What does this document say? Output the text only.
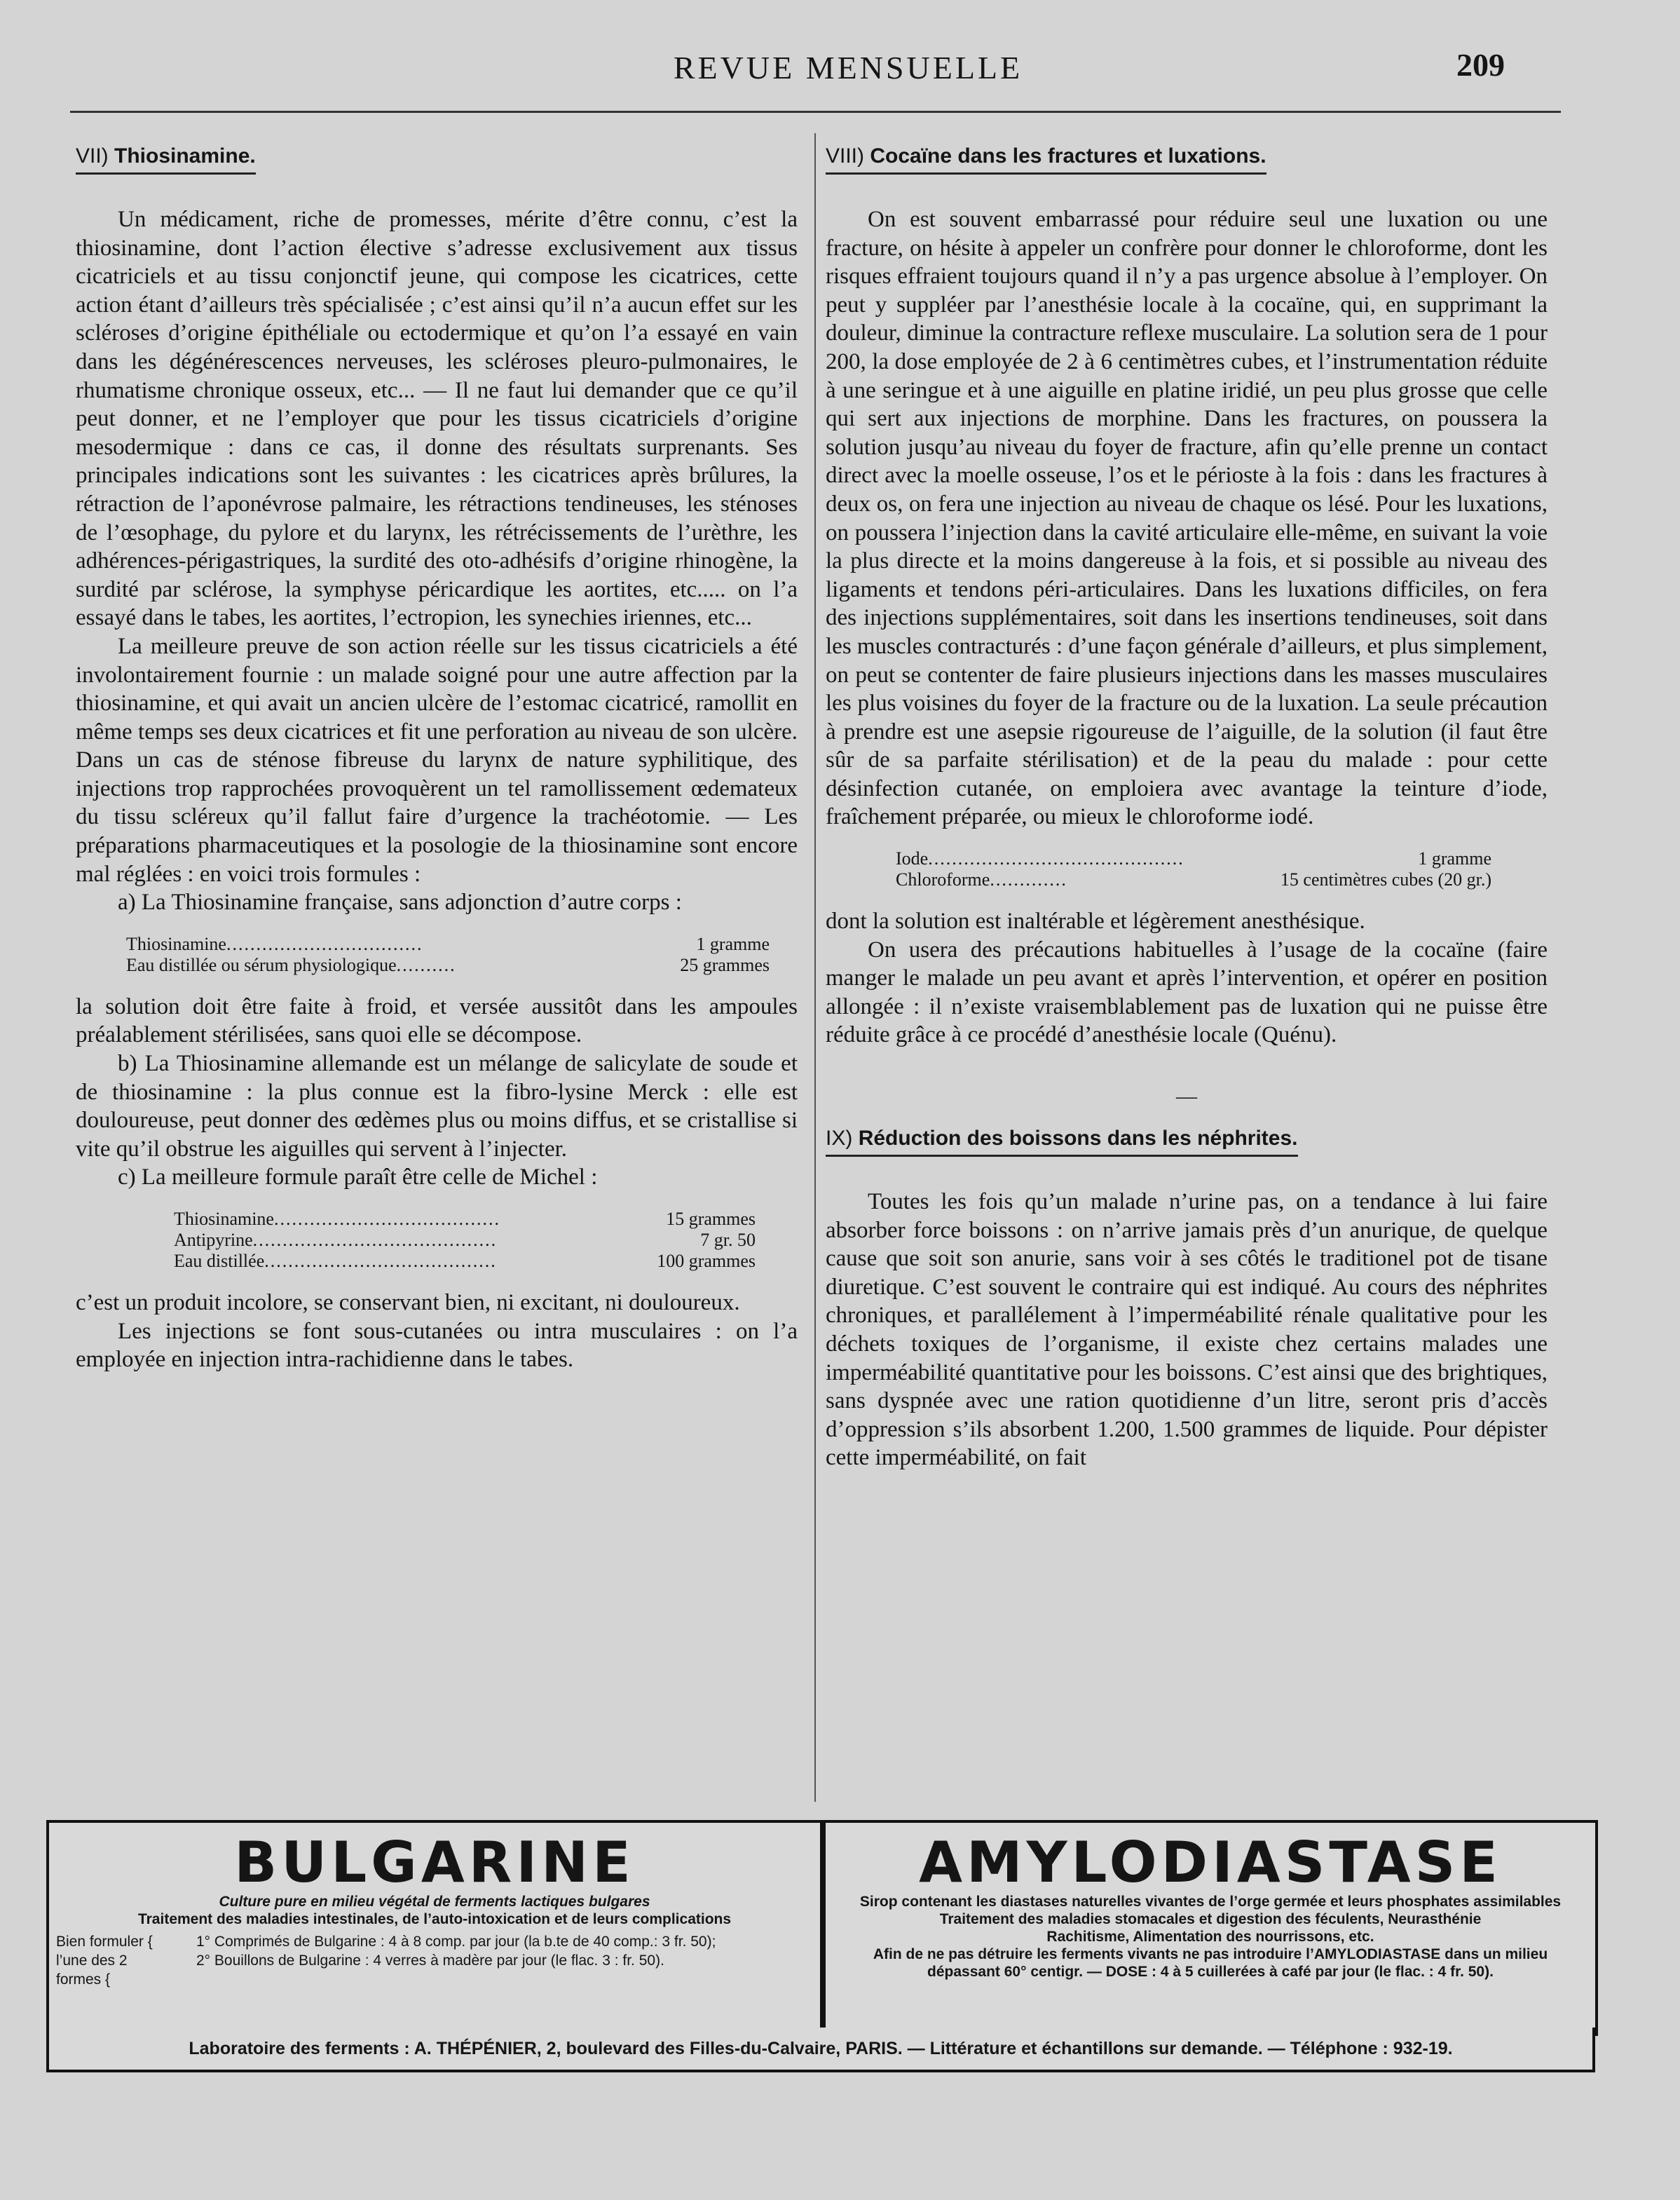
REVUE MENSUELLE	209
VII) Thiosinamine.

Un médicament, riche de promesses, mérite d’être connu, c’est la thiosinamine, dont l’action élective s’adresse exclusivement aux tissus cicatriciels et au tissu conjonctif jeune, qui compose les cicatrices, cette action étant d’ailleurs très spécialisée ; c’est ainsi qu’il n’a aucun effet sur les scléroses d’origine épithéliale ou ectodermique et qu’on l’a essayé en vain dans les dégénérescences nerveuses, les scléroses pleuro-pulmonaires, le rhumatisme chronique osseux, etc... — Il ne faut lui demander que ce qu’il peut donner, et ne l’employer que pour les tissus cicatriciels d’origine mesodermique : dans ce cas, il donne des résultats surprenants. Ses principales indications sont les suivantes : les cicatrices après brûlures, la rétraction de l’aponévrose palmaire, les rétractions tendineuses, les sténoses de l’œsophage, du pylore et du larynx, les rétrécissements de l’urèthre, les adhérences-périgastriques, la surdité des oto-adhésifs d’origine rhinogène, la surdité par sclérose, la symphyse péricardique les aortites, etc..... on l’a essayé dans le tabes, les aortites, l’ectropion, les synechies iriennes, etc...

La meilleure preuve de son action réelle sur les tissus cicatriciels a été involontairement fournie : un malade soigné pour une autre affection par la thiosinamine, et qui avait un ancien ulcère de l’estomac cicatricé, ramollit en même temps ses deux cicatrices et fit une perforation au niveau de son ulcère. Dans un cas de sténose fibreuse du larynx de nature syphilitique, des injections trop rapprochées provoquèrent un tel ramollissement œdemateux du tissu scléreux qu’il fallut faire d’urgence la trachéotomie. — Les préparations pharmaceutiques et la posologie de la thiosinamine sont encore mal réglées : en voici trois formules :

a) La Thiosinamine française, sans adjonction d’autre corps :

Thiosinamine .................................	1 gramme
Eau distillée ou sérum physiologique ..........	25 grammes

la solution doit être faite à froid, et versée aussitôt dans les ampoules préalablement stérilisées, sans quoi elle se décompose.

b) La Thiosinamine allemande est un mélange de salicylate de soude et de thiosinamine : la plus connue est la fibro-lysine Merck : elle est douloureuse, peut donner des œdèmes plus ou moins diffus, et se cristallise si vite qu’il obstrue les aiguilles qui servent à l’injecter.

c) La meilleure formule paraît être celle de Michel :

Thiosinamine ......................................	15 grammes
Antipyrine .........................................	7 gr. 50
Eau distillée .......................................	100 grammes

c’est un produit incolore, se conservant bien, ni excitant, ni douloureux.

Les injections se font sous-cutanées ou intra musculaires : on l’a employée en injection intra-rachidienne dans le tabes.

VIII) Cocaïne dans les fractures et luxations.

On est souvent embarrassé pour réduire seul une luxation ou une fracture, on hésite à appeler un confrère pour donner le chloroforme, dont les risques effraient toujours quand il n’y a pas urgence absolue à l’employer. On peut y suppléer par l’anesthésie locale à la cocaïne, qui, en supprimant la douleur, diminue la contracture reflexe musculaire. La solution sera de 1 pour 200, la dose employée de 2 à 6 centimètres cubes, et l’instrumentation réduite à une seringue et à une aiguille en platine iridié, un peu plus grosse que celle qui sert aux injections de morphine. Dans les fractures, on poussera la solution jusqu’au niveau du foyer de fracture, afin qu’elle prenne un contact direct avec la moelle osseuse, l’os et le périoste à la fois : dans les fractures à deux os, on fera une injection au niveau de chaque os lésé. Pour les luxations, on poussera l’injection dans la cavité articulaire elle-même, en suivant la voie la plus directe et la moins dangereuse à la fois, et si possible au niveau des ligaments et tendons péri-articulaires. Dans les luxations difficiles, on fera des injections supplémentaires, soit dans les insertions tendineuses, soit dans les muscles contracturés : d’une façon générale d’ailleurs, et plus simplement, on peut se contenter de faire plusieurs injections dans les masses musculaires les plus voisines du foyer de la fracture ou de la luxation. La seule précaution à prendre est une asepsie rigoureuse de l’aiguille, de la solution (il faut être sûr de sa parfaite stérilisation) et de la peau du malade : pour cette désinfection cutanée, on emploiera avec avantage la teinture d’iode, fraîchement préparée, ou mieux le chloroforme iodé.

Iode ...........................................	1 gramme
Chloroforme .............	15 centimètres cubes (20 gr.)

dont la solution est inaltérable et légèrement anesthésique.

On usera des précautions habituelles à l’usage de la cocaïne (faire manger le malade un peu avant et après l’intervention, et opérer en position allongée : il n’existe vraisemblablement pas de luxation qui ne puisse être réduite grâce à ce procédé d’anesthésie locale (Quénu).

—
IX) Réduction des boissons dans les néphrites.

Toutes les fois qu’un malade n’urine pas, on a tendance à lui faire absorber force boissons : on n’arrive jamais près d’un anurique, de quelque cause que soit son anurie, sans voir à ses côtés le traditionel pot de tisane diuretique. C’est souvent le contraire qui est indiqué. Au cours des néphrites chroniques, et parallélement à l’imperméabilité rénale qualitative pour les déchets toxiques de l’organisme, il existe chez certains malades une imperméabilité quantitative pour les boissons. C’est ainsi que des brightiques, sans dyspnée avec une ration quotidienne d’un litre, seront pris d’accès d’oppression s’ils absorbent 1.200, 1.500 grammes de liquide. Pour dépister cette imperméabilité, on fait

BULGARINE
Culture pure en milieu végétal de ferments lactiques bulgares
Traitement des maladies intestinales, de l’auto-intoxication et de leurs complications
Bien formuler {
l’une des 2 formes {
1° Comprimés de Bulgarine : 4 à 8 comp. par jour (la b.te de 40 comp.: 3 fr. 50);
2° Bouillons de Bulgarine : 4 verres à madère par jour (le flac. 3 : fr. 50).
AMYLODIASTASE
Sirop contenant les diastases naturelles vivantes de l’orge germée et leurs phosphates assimilables
Traitement des maladies stomacales et digestion des féculents, Neurasthénie
Rachitisme, Alimentation des nourrissons, etc.
Afin de ne pas détruire les ferments vivants ne pas introduire l’AMYLODIASTASE dans un milieu
dépassant 60° centigr. — DOSE : 4 à 5 cuillerées à café par jour (le flac. : 4 fr. 50).
Laboratoire des ferments : A. THÉPÉNIER, 2, boulevard des Filles-du-Calvaire, PARIS. — Littérature et échantillons sur demande. — Téléphone : 932-19.
